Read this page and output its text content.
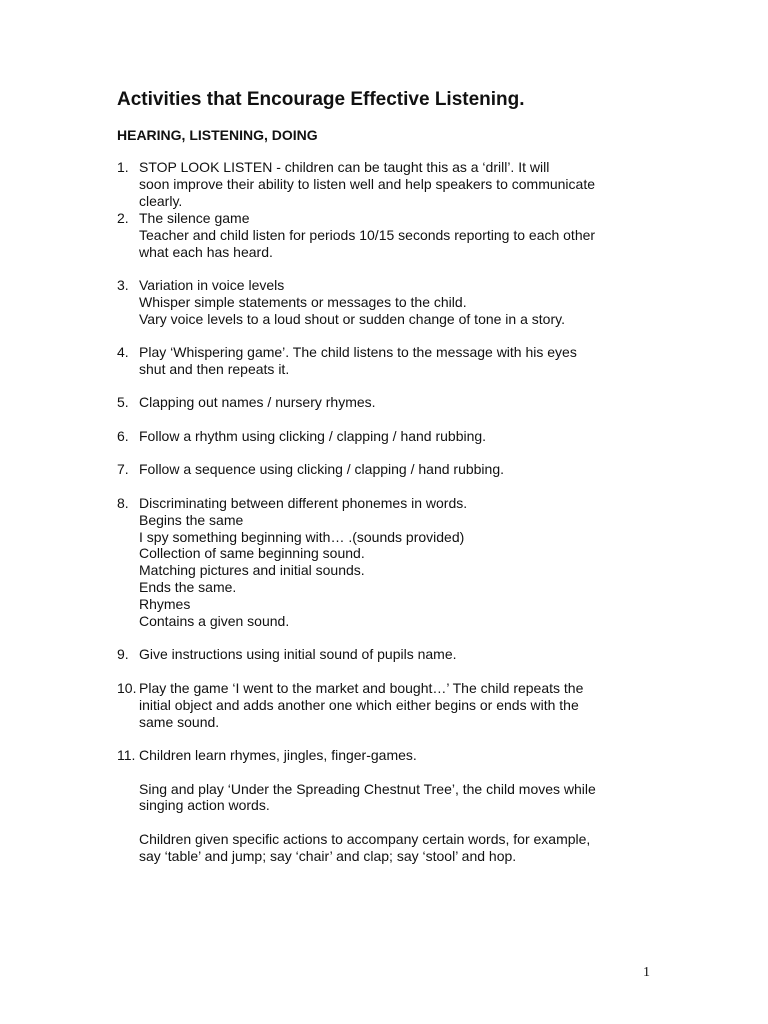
Activities that Encourage Effective Listening.
HEARING, LISTENING, DOING
1. STOP LOOK LISTEN - children can be taught this as a ‘drill’. It will
soon improve their ability to listen well and help speakers to communicate
clearly.
2. The silence game
Teacher and child listen for periods 10/15 seconds reporting to each other
what each has heard.
3. Variation in voice levels
Whisper simple statements or messages to the child.
Vary voice levels to a loud shout or sudden change of tone in a story.
4. Play ‘Whispering game’. The child listens to the message with his eyes
shut and then repeats it.
5. Clapping out names / nursery rhymes.
6. Follow a rhythm using clicking / clapping / hand rubbing.
7. Follow a sequence using clicking / clapping / hand rubbing.
8. Discriminating between different phonemes in words.
Begins the same
I spy something beginning with… .(sounds provided)
Collection of same beginning sound.
Matching pictures and initial sounds.
Ends the same.
Rhymes
Contains a given sound.
9. Give instructions using initial sound of pupils name.
10. Play the game ‘I went to the market and bought…’ The child repeats the
initial object and adds another one which either begins or ends with the
same sound.
11. Children learn rhymes, jingles, finger-games.

Sing and play ‘Under the Spreading Chestnut Tree’, the child moves while
singing action words.

Children given specific actions to accompany certain words, for example,
say ‘table’ and jump; say ‘chair’ and clap; say ‘stool’ and hop.
1
